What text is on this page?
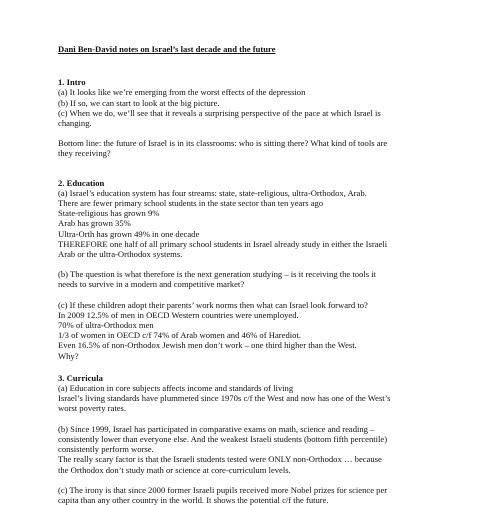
Dani Ben-David notes on Israel’s last decade and the future
1. Intro
(a) It looks like we’re emerging from the worst effects of the depression
(b) If so, we can start to look at the big picture.
(c) When we do, we’ll see that it reveals a surprising perspective of the pace at which Israel is
changing.
Bottom line: the future of Israel is in its classrooms: who is sitting there? What kind of tools are
they receiving?
2. Education
(a) Israel’s education system has four streams: state, state-religious, ultra-Orthodox, Arab.
There are fewer primary school students in the state sector than ten years ago
State-religious has grown 9%
Arab has grown 35%
Ultra-Orth has grown 49% in one decade
THEREFORE one half of all primary school students in Israel already study in either the Israeli
Arab or the ultra-Orthodox systems.
(b) The question is what therefore is the next generation studying – is it receiving the tools it
needs to survive in a modern and competitive market?
(c) If these children adopt their parents’ work norms then what can Israel look forward to?
In 2009 12.5% of men in OECD Western countries were unemployed.
70% of ultra-Orthodox men
1/3 of women in OECD c/f 74% of Arab women and 46% of Harediot.
Even 16.5% of non-Orthodox Jewish men don’t work – one third higher than the West.
Why?
3. Curricula
(a) Education in core subjects affects income and standards of living
Israel’s living standards have plummeted since 1970s c/f the West and now has one of the West’s
worst poverty rates.
(b) Since 1999, Israel has participated in comparative exams on math, science and reading –
consistently lower than everyone else. And the weakest Israeli students (bottom fifth percentile)
consistently perform worse.
The really scary factor is that the Israeli students tested were ONLY non-Orthodox … because
the Orthodox don’t study math or science at core-curriculum levels.
(c) The irony is that since 2000 former Israeli pupils received more Nobel prizes for science per
capita than any other country in the world. It shows the potential c/f the future.
